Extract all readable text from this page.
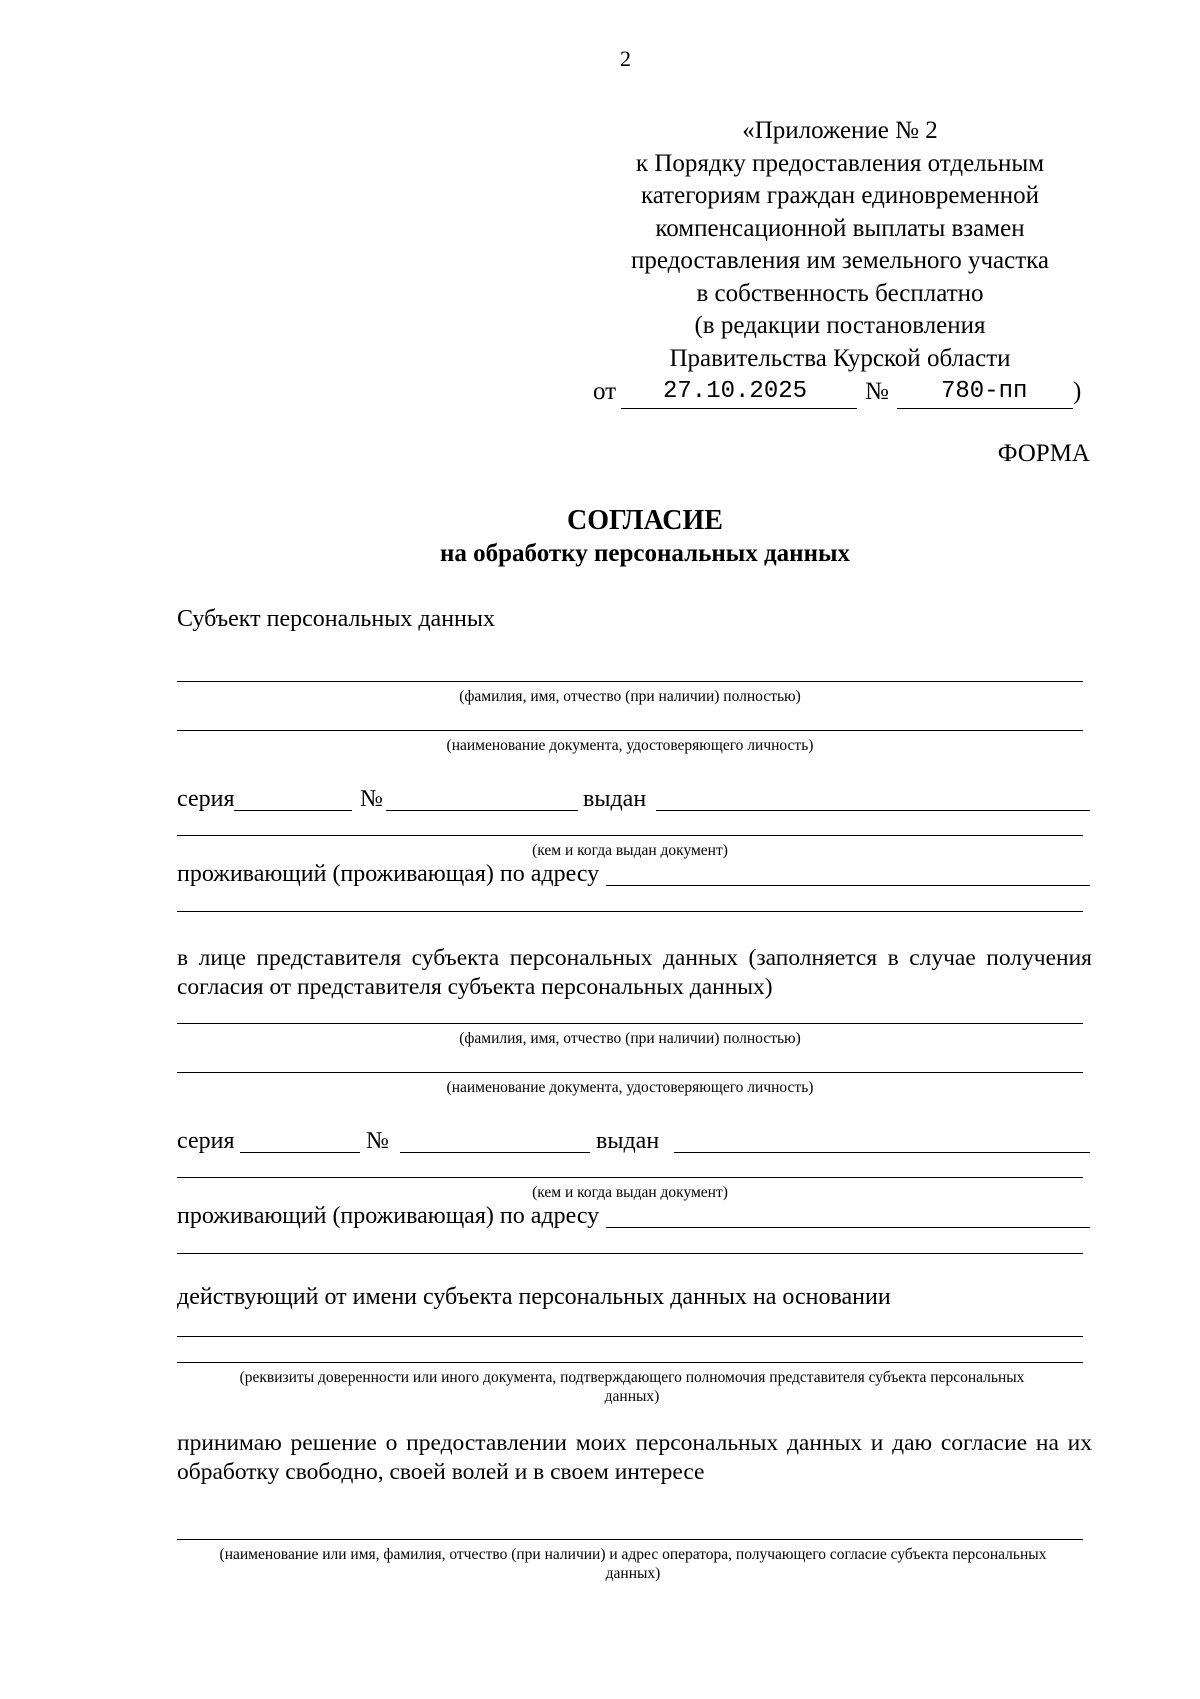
2
«Приложение № 2
к Порядку предоставления отдельным
категориям граждан единовременной
компенсационной выплаты взамен
предоставления им земельного участка
в собственность бесплатно
(в редакции постановления
Правительства Курской области
от 27.10.2025 № 780-пп )
ФОРМА
СОГЛАСИЕ
на обработку персональных данных
Субъект персональных данных
(фамилия, имя, отчество (при наличии) полностью)
(наименование документа, удостоверяющего личность)
серия	№	выдан
(кем и когда выдан документ)
проживающий (проживающая) по адресу
в лице представителя субъекта персональных данных (заполняется в случае получения согласия от представителя субъекта персональных данных)
(фамилия, имя, отчество (при наличии) полностью)
(наименование документа, удостоверяющего личность)
серия	№	выдан
(кем и когда выдан документ)
проживающий (проживающая) по адресу
действующий от имени субъекта персональных данных на основании
(реквизиты доверенности или иного документа, подтверждающего полномочия представителя субъекта персональных данных)
принимаю решение о предоставлении моих персональных данных и даю согласие на их обработку свободно, своей волей и в своем интересе
(наименование или имя, фамилия, отчество (при наличии) и адрес оператора, получающего согласие субъекта персональных данных)
